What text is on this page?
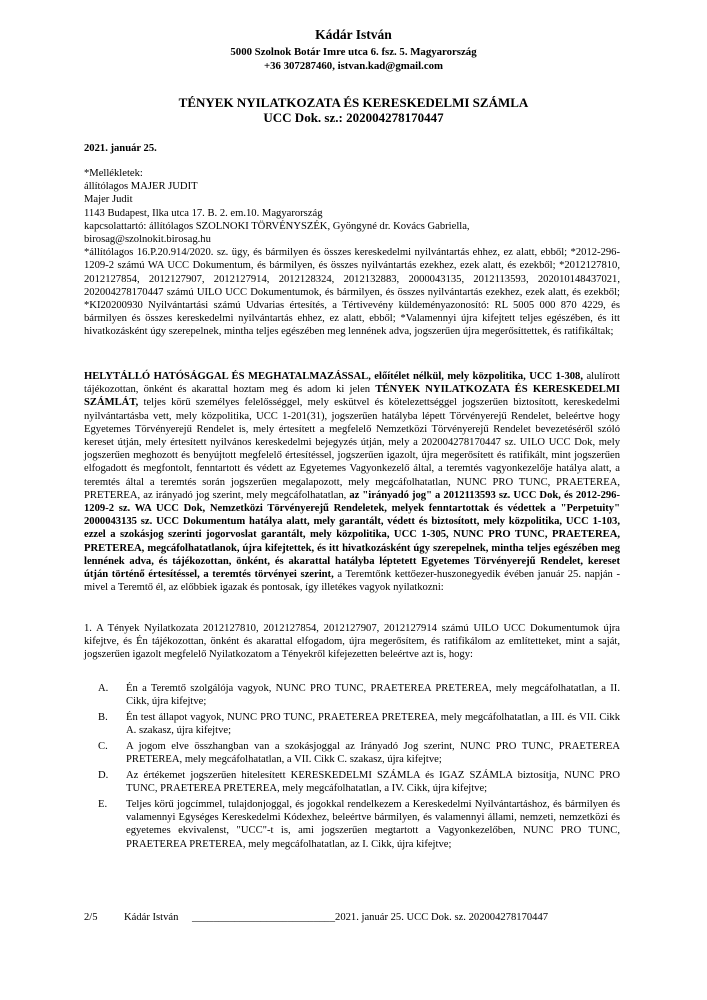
Kádár István
5000 Szolnok Botár Imre utca 6. fsz. 5. Magyarország
+36 307287460, istvan.kad@gmail.com
TÉNYEK NYILATKOZATA ÉS KERESKEDELMI SZÁMLA
UCC Dok. sz.: 202004278170447
2021. január 25.
*Mellékletek:
állítólagos MAJER JUDIT
Majer Judit
1143 Budapest, Ilka utca 17. B. 2. em.10. Magyarország
kapcsolattartó: állítólagos SZOLNOKI TÖRVÉNYSZÉK, Gyöngyné dr. Kovács Gabriella,
birosag@szolnokit.birosag.hu

*állítólagos 16.P.20.914/2020. sz. ügy, és bármilyen és összes kereskedelmi nyilvántartás ehhez, ez alatt, ebből; *2012-296-1209-2 számú WA UCC Dokumentum, és bármilyen, és összes nyilvántartás ezekhez, ezek alatt, és ezekből; *2012127810, 2012127854, 2012127907, 2012127914, 2012128324, 2012132883, 2000043135, 2012113593, 202010148437021, 202004278170447 számú UILO UCC Dokumentumok, és bármilyen, és összes nyilvántartás ezekhez, ezek alatt, és ezekből; *KI20200930 Nyilvántartási számú Udvarias értesítés, a Tértivevény küldeményazonosító: RL 5005 000 870 4229, és bármilyen és összes kereskedelmi nyilvántartás ehhez, ez alatt, ebből; *Valamennyi újra kifejtett teljes egészében, és itt hivatkozásként úgy szerepelnek, mintha teljes egészében meg lennének adva, jogszerűen újra megerősíttettek, és ratifikáltak;

HELYTÁLLÓ HATÓSÁGGAL ÉS MEGHATALMAZÁSSAL, előítélet nélkül, mely közpolitika, UCC 1-308, alulírott tájékozottan, önként és akarattal hoztam meg és adom ki jelen TÉNYEK NYILATKOZATA ÉS KERESKEDELMI SZÁMLÁT, teljes körű személyes felelősséggel, mely eskütvel és kötelezettséggel jogszerűen biztosított, kereskedelmi nyilvántartásba vett, mely közpolitika, UCC 1-201(31), jogszerűen hatályba lépett Törvényerejű Rendelet, beleértve hogy Egyetemes Törvényerejű Rendelet is, mely értesített a megfelelő Nemzetközi Törvényerejű Rendelet bevezetéséről szóló kereset útján, mely értesített nyilvános kereskedelmi bejegyzés útján, mely a 202004278170447 sz. UILO UCC Dok, mely jogszerűen meghozott és benyújtott megfelelő értesítéssel, jogszerűen igazolt, újra megerősített és ratifikált, mint jogszerűen elfogadott és megfontolt, fenntartott és védett az Egyetemes Vagyonkezelő által, a teremtés vagyonkezelője hatálya alatt, a teremtés által a teremtés során jogszerűen megalapozott, mely megcáfolhatatlan, NUNC PRO TUNC, PRAETEREA, PRETEREA, az irányadó jog szerint, mely megcáfolhatatlan, az "irányadó jog" a 2012113593 sz. UCC Dok, és 2012-296-1209-2 sz. WA UCC Dok, Nemzetközi Törvényerejű Rendeletek, melyek fenntartottak és védettek a "Perpetuity" 2000043135 sz. UCC Dokumentum hatálya alatt, mely garantált, védett és biztosított, mely közpolitika, UCC 1-103, ezzel a szokásjog szerinti jogorvoslat garantált, mely közpolitika, UCC 1-305, NUNC PRO TUNC, PRAETEREA, PRETEREA, megcáfolhatatlanok, újra kifejtettek, és itt hivatkozásként úgy szerepelnek, mintha teljes egészében meg lennének adva, és tájékozottan, önként, és akarattal hatályba léptetett Egyetemes Törvényerejű Rendelet, kereset útján történő értesítéssel, a teremtés törvényei szerint, a Teremtőnk kettőezer-huszonegyedik évében január 25. napján - mivel a Teremtő él, az előbbiek igazak és pontosak, így illetékes vagyok nyilatkozni:

1. A Tények Nyilatkozata 2012127810, 2012127854, 2012127907, 2012127914 számú UILO UCC Dokumentumok újra kifejtve, és Én tájékozottan, önként és akarattal elfogadom, újra megerősítem, és ratifikálom az említetteket, mint a saját, jogszerűen igazolt megfelelő Nyilatkozatom a Tényekről kifejezetten beleértve azt is, hogy:
A. Én a Teremtő szolgálója vagyok, NUNC PRO TUNC, PRAETEREA PRETEREA, mely megcáfolhatatlan, a II. Cikk, újra kifejtve;
B. Én test állapot vagyok, NUNC PRO TUNC, PRAETEREA PRETEREA, mely megcáfolhatatlan, a III. és VII. Cikk A. szakasz, újra kifejtve;
C. A jogom elve összhangban van a szokásjoggal az Irányadó Jog szerint, NUNC PRO TUNC, PRAETEREA PRETEREA, mely megcáfolhatatlan, a VII. Cikk C. szakasz, újra kifejtve;
D. Az értékemet jogszerűen hitelesített KERESKEDELMI SZÁMLA és IGAZ SZÁMLA biztosítja, NUNC PRO TUNC, PRAETEREA PRETEREA, mely megcáfolhatatlan, a IV. Cikk, újra kifejtve;
E. Teljes körű jogcímmel, tulajdonjoggal, és jogokkal rendelkezem a Kereskedelmi Nyilvántartáshoz, és bármilyen és valamennyi Egységes Kereskedelmi Kódexhez, beleértve bármilyen, és valamennyi állami, nemzeti, nemzetközi és egyetemes ekvivalenst, "UCC"-t is, ami jogszerűen megtartott a Vagyonkezelőben, NUNC PRO TUNC, PRAETEREA PRETEREA, mely megcáfolhatatlan, az I. Cikk, újra kifejtve;
2/5 Kádár István ___________________________2021. január 25. UCC Dok. sz. 202004278170447
